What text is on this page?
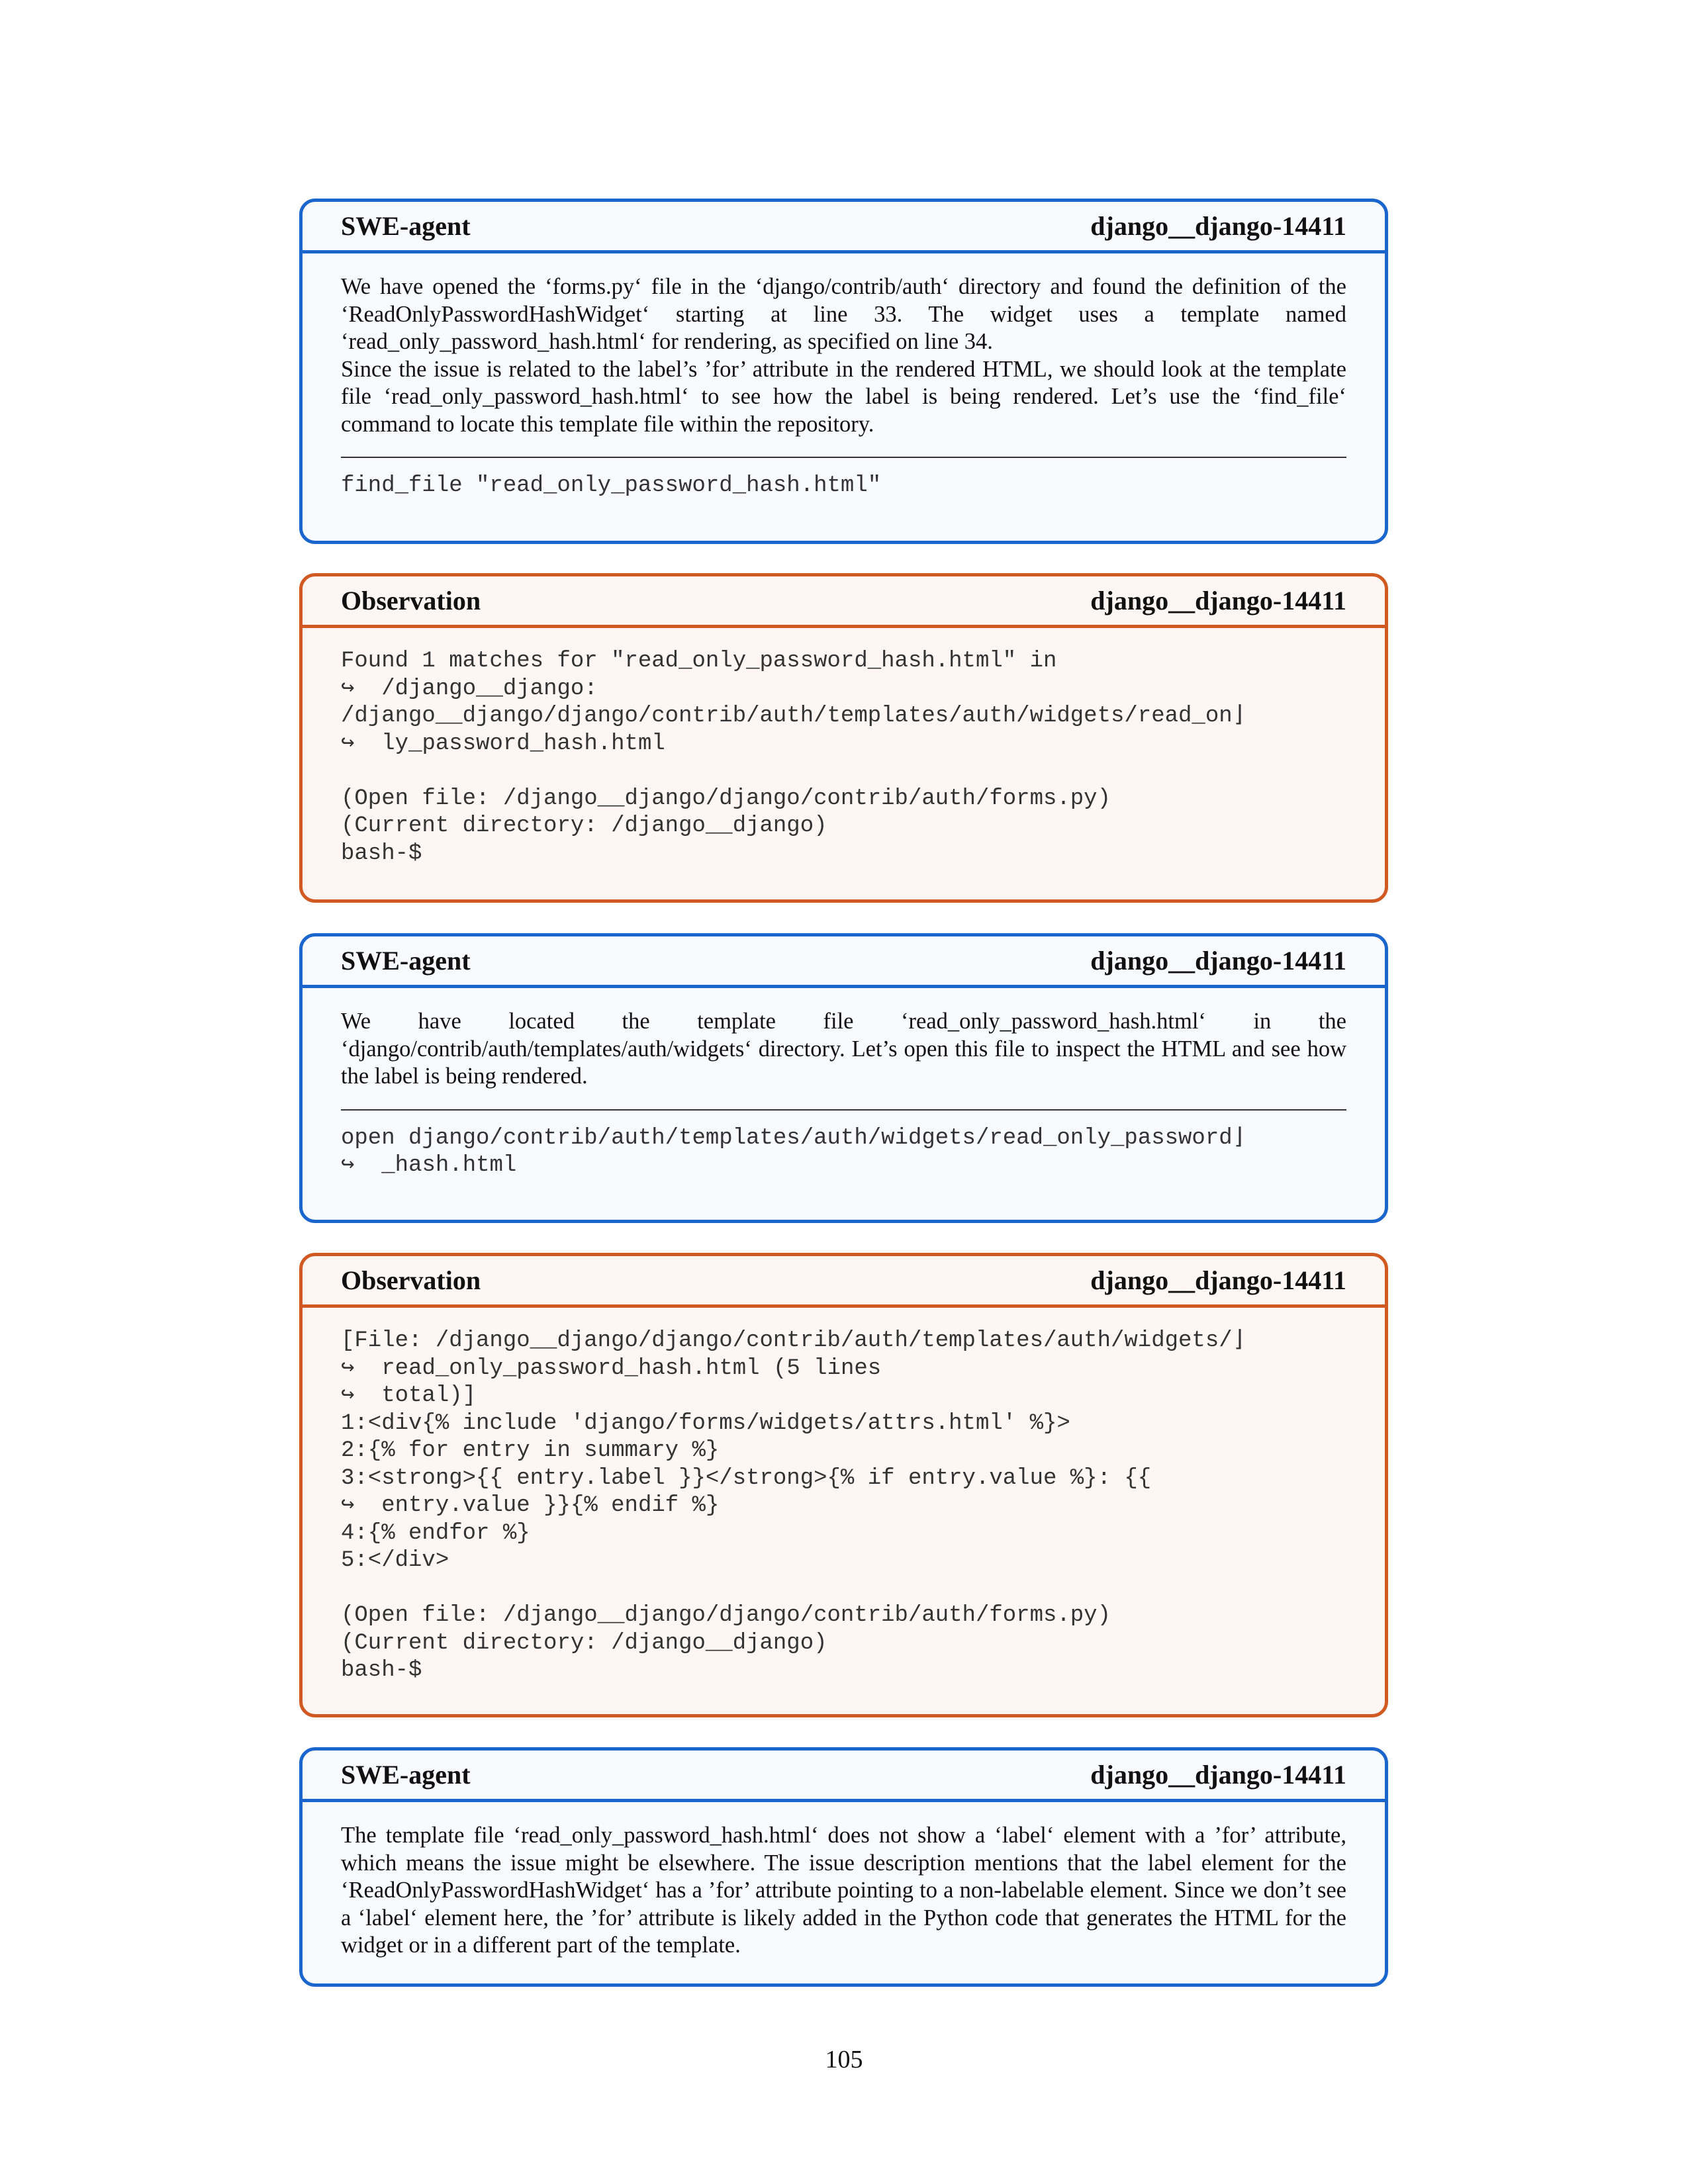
SWE-agent	django__django-14411

We have opened the ‘forms.py‘ file in the ‘django/contrib/auth‘ directory and found the definition of the ‘ReadOnlyPasswordHashWidget‘ starting at line 33. The widget uses a template named ‘read_only_password_hash.html‘ for rendering, as specified on line 34.

Since the issue is related to the label’s ’for’ attribute in the rendered HTML, we should look at the template file ‘read_only_password_hash.html‘ to see how the label is being rendered. Let’s use the ‘find_file‘ command to locate this template file within the repository.

find_file "read_only_password_hash.html"
Observation	django__django-14411
Found 1 matches for "read_only_password_hash.html" in
↪  /django__django:
/django__django/django/contrib/auth/templates/auth/widgets/read_on⌋
↪  ly_password_hash.html

(Open file: /django__django/django/contrib/auth/forms.py)
(Current directory: /django__django)
bash-$
SWE-agent	django__django-14411

We have located the template file ‘read_only_password_hash.html‘ in the ‘django/contrib/auth/templates/auth/widgets‘ directory. Let’s open this file to inspect the HTML and see how the label is being rendered.

open django/contrib/auth/templates/auth/widgets/read_only_password⌋
↪  _hash.html
Observation	django__django-14411
[File: /django__django/django/contrib/auth/templates/auth/widgets/⌋
↪  read_only_password_hash.html (5 lines
↪  total)]
1:<div{% include 'django/forms/widgets/attrs.html' %}>
2:{% for entry in summary %}
3:<strong>{{ entry.label }}</strong>{% if entry.value %}: {{
↪  entry.value }}{% endif %}
4:{% endfor %}
5:</div>

(Open file: /django__django/django/contrib/auth/forms.py)
(Current directory: /django__django)
bash-$
SWE-agent	django__django-14411

The template file ‘read_only_password_hash.html‘ does not show a ‘label‘ element with a ’for’ attribute, which means the issue might be elsewhere. The issue description mentions that the label element for the ‘ReadOnlyPasswordHashWidget‘ has a ’for’ attribute pointing to a non-labelable element. Since we don’t see a ‘label‘ element here, the ’for’ attribute is likely added in the Python code that generates the HTML for the widget or in a different part of the template.

105
